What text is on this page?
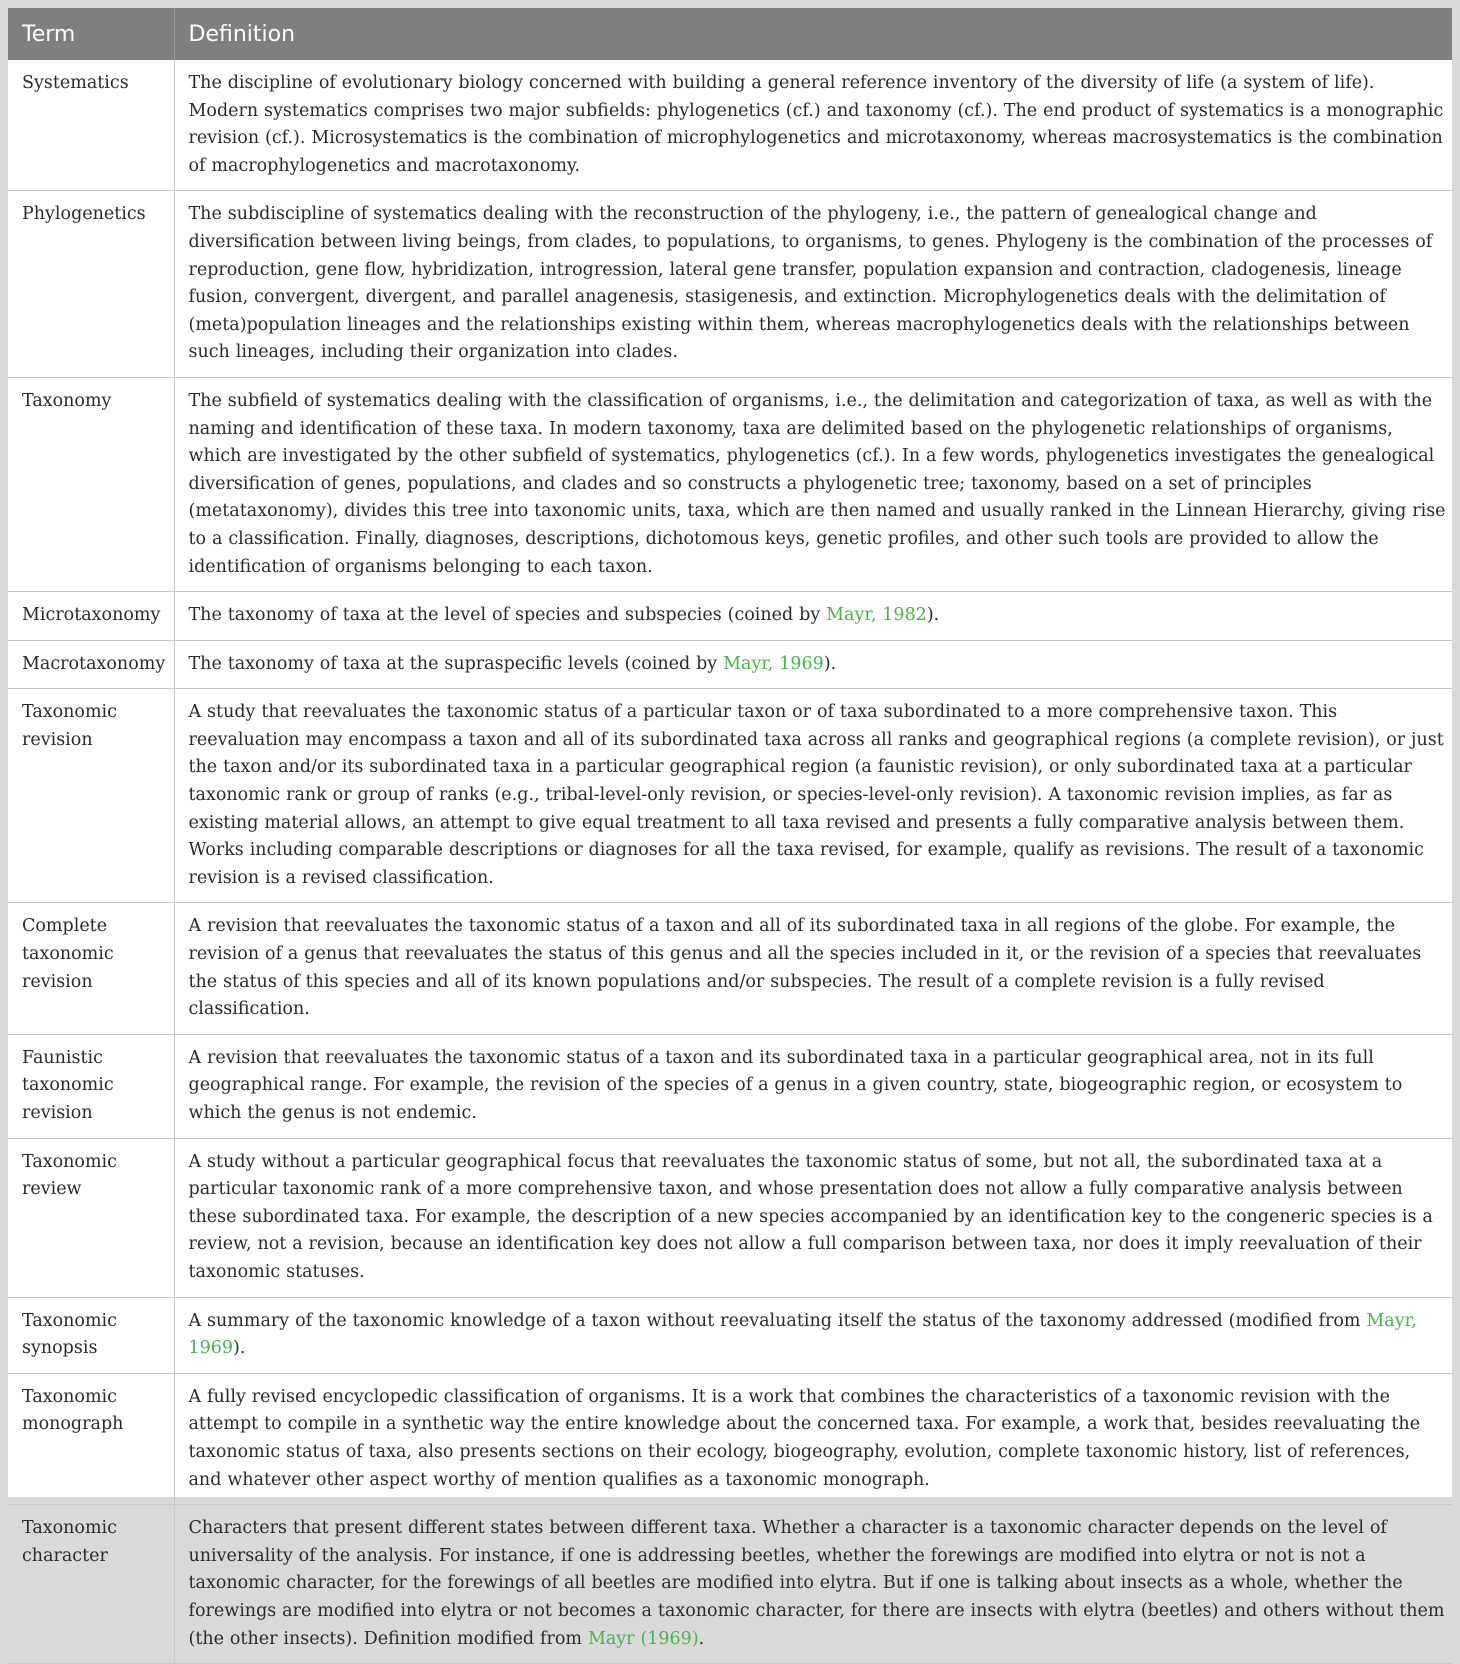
Term	Definition
Systematics	The discipline of evolutionary biology concerned with building a general reference inventory of the diversity of life (a system of life). Modern systematics comprises two major subfields: phylogenetics (cf.) and taxonomy (cf.). The end product of systematics is a monographic revision (cf.). Microsystematics is the combination of microphylogenetics and microtaxonomy, whereas macrosystematics is the combination of macrophylogenetics and macrotaxonomy.
Phylogenetics	The subdiscipline of systematics dealing with the reconstruction of the phylogeny, i.e., the pattern of genealogical change and diversification between living beings, from clades, to populations, to organisms, to genes. Phylogeny is the combination of the processes of reproduction, gene flow, hybridization, introgression, lateral gene transfer, population expansion and contraction, cladogenesis, lineage fusion, convergent, divergent, and parallel anagenesis, stasigenesis, and extinction. Microphylogenetics deals with the delimitation of (meta)population lineages and the relationships existing within them, whereas macrophylogenetics deals with the relationships between such lineages, including their organization into clades.
Taxonomy	The subfield of systematics dealing with the classification of organisms, i.e., the delimitation and categorization of taxa, as well as with the naming and identification of these taxa. In modern taxonomy, taxa are delimited based on the phylogenetic relationships of organisms, which are investigated by the other subfield of systematics, phylogenetics (cf.). In a few words, phylogenetics investigates the genealogical diversification of genes, populations, and clades and so constructs a phylogenetic tree; taxonomy, based on a set of principles (metataxonomy), divides this tree into taxonomic units, taxa, which are then named and usually ranked in the Linnean Hierarchy, giving rise to a classification. Finally, diagnoses, descriptions, dichotomous keys, genetic profiles, and other such tools are provided to allow the identification of organisms belonging to each taxon.
Microtaxonomy	The taxonomy of taxa at the level of species and subspecies (coined by Mayr, 1982).
Macrotaxonomy	The taxonomy of taxa at the supraspecific levels (coined by Mayr, 1969).
Taxonomic revision	A study that reevaluates the taxonomic status of a particular taxon or of taxa subordinated to a more comprehensive taxon. This reevaluation may encompass a taxon and all of its subordinated taxa across all ranks and geographical regions (a complete revision), or just the taxon and/or its subordinated taxa in a particular geographical region (a faunistic revision), or only subordinated taxa at a particular taxonomic rank or group of ranks (e.g., tribal-level-only revision, or species-level-only revision). A taxonomic revision implies, as far as existing material allows, an attempt to give equal treatment to all taxa revised and presents a fully comparative analysis between them. Works including comparable descriptions or diagnoses for all the taxa revised, for example, qualify as revisions. The result of a taxonomic revision is a revised classification.
Complete taxonomic revision	A revision that reevaluates the taxonomic status of a taxon and all of its subordinated taxa in all regions of the globe. For example, the revision of a genus that reevaluates the status of this genus and all the species included in it, or the revision of a species that reevaluates the status of this species and all of its known populations and/or subspecies. The result of a complete revision is a fully revised classification.
Faunistic taxonomic revision	A revision that reevaluates the taxonomic status of a taxon and its subordinated taxa in a particular geographical area, not in its full geographical range. For example, the revision of the species of a genus in a given country, state, biogeographic region, or ecosystem to which the genus is not endemic.
Taxonomic review	A study without a particular geographical focus that reevaluates the taxonomic status of some, but not all, the subordinated taxa at a particular taxonomic rank of a more comprehensive taxon, and whose presentation does not allow a fully comparative analysis between these subordinated taxa. For example, the description of a new species accompanied by an identification key to the congeneric species is a review, not a revision, because an identification key does not allow a full comparison between taxa, nor does it imply reevaluation of their taxonomic statuses.
Taxonomic synopsis	A summary of the taxonomic knowledge of a taxon without reevaluating itself the status of the taxonomy addressed (modified from Mayr, 1969).
Taxonomic monograph	A fully revised encyclopedic classification of organisms. It is a work that combines the characteristics of a taxonomic revision with the attempt to compile in a synthetic way the entire knowledge about the concerned taxa. For example, a work that, besides reevaluating the taxonomic status of taxa, also presents sections on their ecology, biogeography, evolution, complete taxonomic history, list of references, and whatever other aspect worthy of mention qualifies as a taxonomic monograph.
Taxonomic character	Characters that present different states between different taxa. Whether a character is a taxonomic character depends on the level of universality of the analysis. For instance, if one is addressing beetles, whether the forewings are modified into elytra or not is not a taxonomic character, for the forewings of all beetles are modified into elytra. But if one is talking about insects as a whole, whether the forewings are modified into elytra or not becomes a taxonomic character, for there are insects with elytra (beetles) and others without them (the other insects). Definition modified from Mayr (1969).
